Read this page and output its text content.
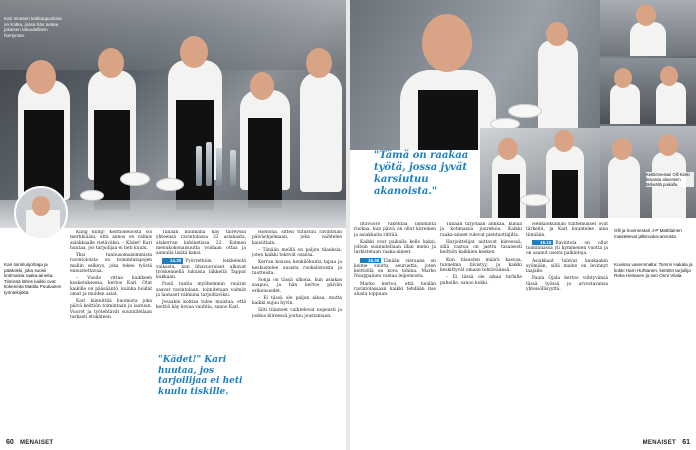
Kari Innasen kotikaupunkina on Kotka, jossa hän tuntee jokaisen taloudellisen hiertymän.
Kari toimitusjohtaja ja pääkokki, joka suosii kotimaisia raaka-aineita. Tiimissä lähes kaikki ovat kokeneita Mattila Poutiainen työntekijöitä.

Kling kling! Keittiökellosta soi merkkiääni, että annos on valmis asiakkaalle vietäväksi. – Kädet! Kari huutaa, jos tarjoilijaa ei heti kuulu.

Yksi tunnusomaisimmista ravintoloista on toimintatapojen mallin selkeys, joka tekee työstä ennustettavaa.

– Vuodo vittaa kaikkeen kosketuksessa, kertoo Kari. Otat kaikille on pääsääntö, kuinka hoidat omat ja muiden asiat.

Kari kiinnittää huomiota joka päivä keittiön toimintaan ja laatuun. Vuorot ja työtehtävät suunnitellaan tarkasti etukäteen.

Tänään kuumalla käy taireyssa yhteensä ravintolassa 22 asiakasta, alakerran kabinetissa 22. Kolmen menukokonaisuutta voidaan ottaa ja aamulla lisätä kaksi.

14.30 Pyörrethöin leikkeleitä valkasta, kun lihavuoraiset alkavat työskennellä lukuisia liikkeitä Tapput kukkaan.

Puoli tuntia myöhemmin ruuirat saavat ravintolaan, toimitetaan valmiit ja lautaset valmiina tarjoiltaviksi.

Jossakin kohtaa tulee muistaa, että keittiö käy kovaa vauhtia, sanoo Kari.

"Kädet!" Kari huutaa, jos tarjoilijaa ei heti kuulu tiskille.

Hienona, sitten tutustuu ravintolan päiväohjelmaan, joka vaihtelee kausittain.

– Tänään meillä on paljon tilauksia, joten kaikki tekevät osansa.

Kerran kuussa henkilökunta tapaa ja keskustelee uusista ruokalistoista ja tuotteista.

Sonja on tässä ulkona, kun asiakas saapuu, ja hän kertoo päivän erikoisuudet.

– Ei tässä ole paljon aikaa, mutta kaikki sujuu hyvin.

Silti tilanteet vaihtelevat nopeasti ja joskus kiireessä joutuu joustamaan.

60 MENAISET
"Tämä on raakaa työtä, jossa jyvät karsiutuu akanoista."
Keittiömestari Olli Kiiski kuvassa alaveteen tärkeällä paikalla.

Iltavuoro rakentaa lämmintä ruokaa, kun päivä on ollut kiireinen ja asiakkaita riittää.

Kaikki ovat paikalla kello kaksi, jolloin suunnitellaan illan menu ja tarkistetaan raaka-aineet.

15.30 Tänään vieraana on kolme suurta seuruetta, joten keittiöllä on kova tohina. Marko Nuoppainen vastaa leipomosta.

Marko kertoo, että heidän ravintolassaan kaikki tehdään itse alusta loppuun.

Tänään tarjotaan ankkaa, kuhaa ja kotimaisia juureksia. Kaikki raaka-aineet tulevat pientuottajilta.

Harjoittelijat auttavat kiireessä, sillä vastuu on jaettu tasaisesti keittiön kaikkien kesken.

Kun tilausten määrä kasvaa, tunnelma tiivistyy, ja kaikki keskittyvät omaan tehtäväänsä.

– Ei tässä ole aikaa turhille puheille, sanoo kokki.

Henkilökunnan tuntemukset ovat tärkeitä, ja Kari kuuntelee aina tiimiään.

16.15 Ravintola on ollut toiminnassa yli kymmenen vuotta ja on saanut useita palkintoja.

Asiakkaat tulevat kaukaakin syömään, sillä maine on levinnyt laajalle.

Paula Ojala kertoo viihtyvänsä tässä työssä ja arvostavansa yhteisöllisyyttä.

Olli ja hovimestari J-P Mattilainen maistelevat jälkiruoka-annosta.
Kuvissa vasemmalta: Tommi Hakala ja kokki Harri Huhtanen, keittiön tarjoilija Reka Hietanen ja sen Onni Viiala.
MENAISET 61
